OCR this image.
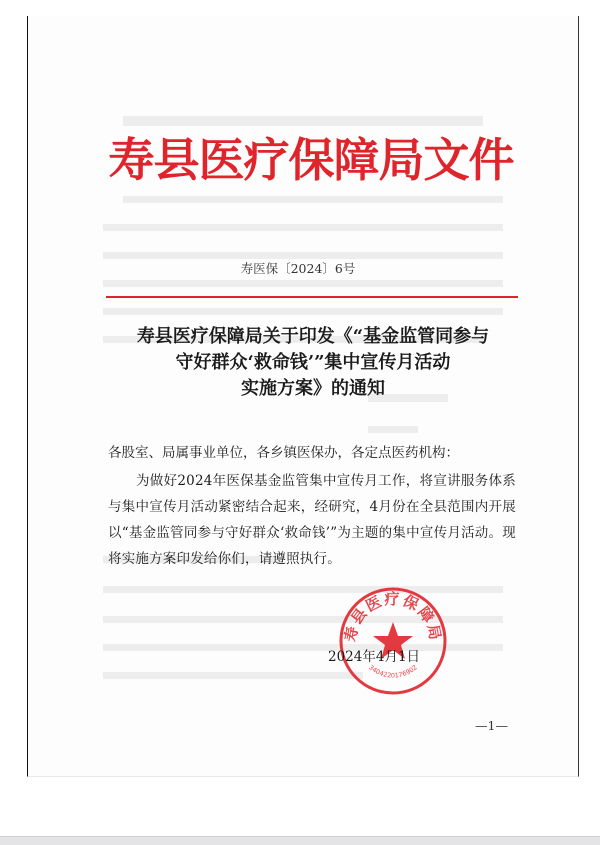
寿县医疗保障局文件
寿医保〔2024〕6号
寿县医疗保障局关于印发《“基金监管同参与
守好群众‘救命钱’”集中宣传月活动
实施方案》的通知
各股室、局属事业单位，各乡镇医保办，各定点医药机构：
为做好2024年医保基金监管集中宣传月工作，将宣讲服务体系与集中宣传月活动紧密结合起来，经研究，4月份在全县范围内开展以“基金监管同参与守好群众‘救命钱’”为主题的集中宣传月活动。现将实施方案印发给你们，请遵照执行。
寿县医疗保障局
3404220176902
2024年4月1日
—1—
